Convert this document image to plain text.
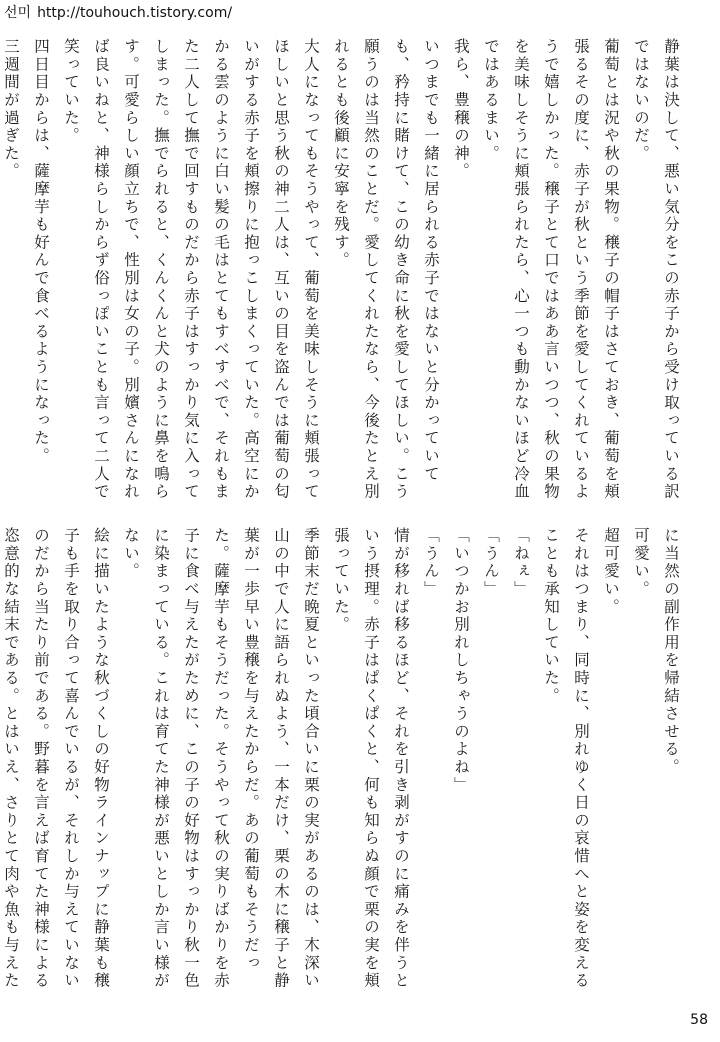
선미 http://touhouch.tistory.com/

静葉は決して、悪い気分をこの赤子から受け取っている訳ではないのだ。

葡萄とは況や秋の果物。穣子の帽子はさておき、葡萄を頬張るその度に、赤子が秋という季節を愛してくれているようで嬉しかった。穣子とて口ではああ言いつつ、秋の果物を美味しそうに頬張られたら、心一つも動かないほど冷血ではあるまい。

我ら、豊穣の神。

いつまでも一緒に居られる赤子ではないと分かっていても、矜持に賭けて、この幼き命に秋を愛してほしい。こう願うのは当然のことだ。愛してくれたなら、今後たとえ別れるとも後顧に安寧を残す。

大人になってもそうやって、葡萄を美味しそうに頬張ってほしいと思う秋の神二人は、互いの目を盗んでは葡萄の匂いがする赤子を頬擦りに抱っこしまくっていた。高空にかかる雲のように白い髪の毛はとてもすべすべで、それもまた二人して撫で回すものだから赤子はすっかり気に入ってしまった。撫でられると、くんくんと犬のように鼻を鳴らす。可愛らしい顔立ちで、性別は女の子。別嬪さんになれば良いねと、神様らしからず俗っぽいことも言って二人で笑っていた。

四日目からは、薩摩芋も好んで食べるようになった。

三週間が過ぎた。

に当然の副作用を帰結させる。

可愛い。

超可愛い。

それはつまり、同時に、別れゆく日の哀惜へと姿を変えることも承知していた。

「ねぇ」

「うん」

「いつかお別れしちゃうのよね」

「うん」

情が移れば移るほど、それを引き剥がすのに痛みを伴うという摂理。赤子はぱくぱくと、何も知らぬ顔で栗の実を頬張っていた。

季節末だ晩夏といった頃合いに栗の実があるのは、木深い山の中で人に語られぬよう、一本だけ、栗の木に穣子と静葉が一歩早い豊穣を与えたからだ。あの葡萄もそうだった。薩摩芋もそうだった。そうやって秋の実りばかりを赤子に食べ与えたがために、この子の好物はすっかり秋一色に染まっている。これは育てた神様が悪いとしか言い様がない。

絵に描いたような秋づくしの好物ラインナップに静葉も穣子も手を取り合って喜んでいるが、それしか与えていないのだから当たり前である。野暮を言えば育てた神様による恣意的な結末である。とはいえ、さりとて肉や魚も与えた

58
